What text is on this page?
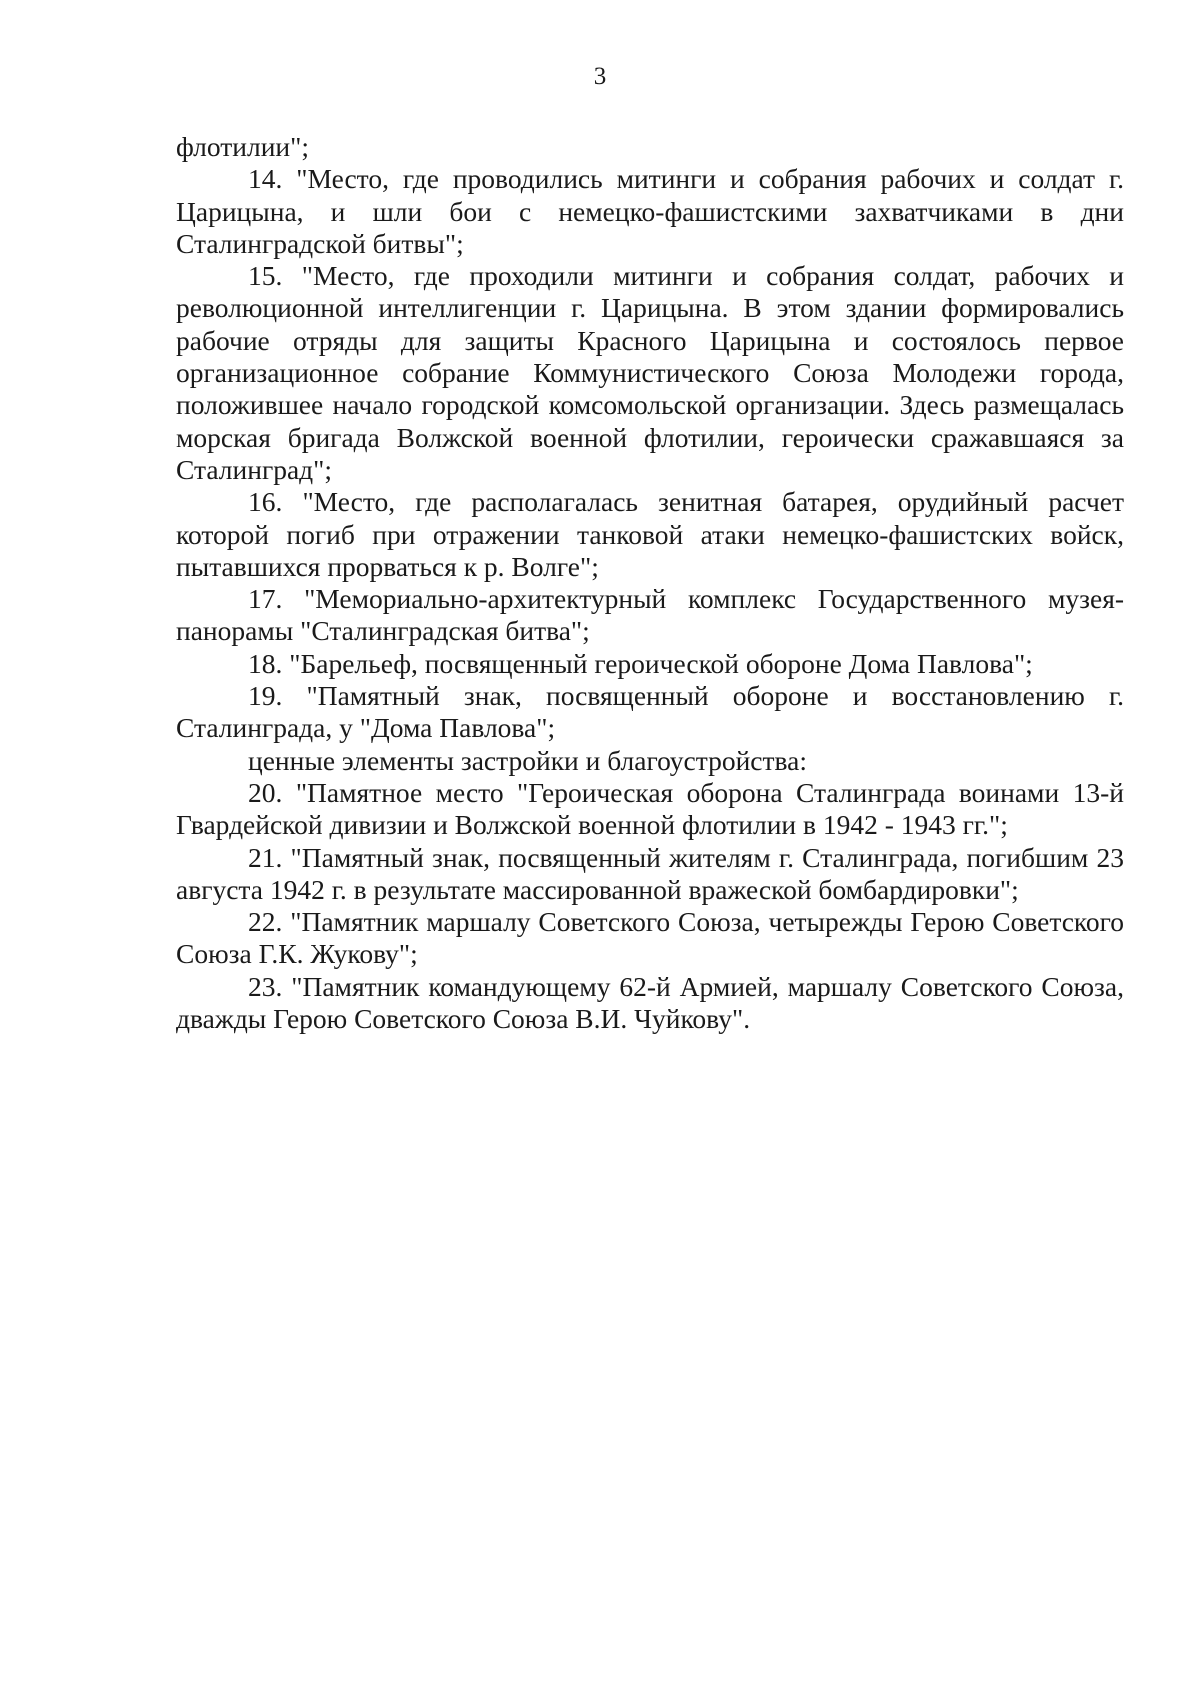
3

флотилии";

14. "Место, где проводились митинги и собрания рабочих и солдат г. Царицына, и шли бои с немецко-фашистскими захватчиками в дни Сталинградской битвы";

15. "Место, где проходили митинги и собрания солдат, рабочих и революционной интеллигенции г. Царицына. В этом здании формировались рабочие отряды для защиты Красного Царицына и состоялось первое организационное собрание Коммунистического Союза Молодежи города, положившее начало городской комсомольской организации. Здесь размещалась морская бригада Волжской военной флотилии, героически сражавшаяся за Сталинград";

16. "Место, где располагалась зенитная батарея, орудийный расчет которой погиб при отражении танковой атаки немецко-фашистских войск, пытавшихся прорваться к р. Волге";

17. "Мемориально-архитектурный комплекс Государственного музея-панорамы "Сталинградская битва";

18. "Барельеф, посвященный героической обороне Дома Павлова";

19. "Памятный знак, посвященный обороне и восстановлению г. Сталинграда, у "Дома Павлова";

ценные элементы застройки и благоустройства:

20. "Памятное место "Героическая оборона Сталинграда воинами 13-й Гвардейской дивизии и Волжской военной флотилии в 1942 - 1943 гг.";

21. "Памятный знак, посвященный жителям г. Сталинграда, погибшим 23 августа 1942 г. в результате массированной вражеской бомбардировки";

22. "Памятник маршалу Советского Союза, четырежды Герою Советского Союза Г.К. Жукову";

23. "Памятник командующему 62-й Армией, маршалу Советского Союза, дважды Герою Советского Союза В.И. Чуйкову".
